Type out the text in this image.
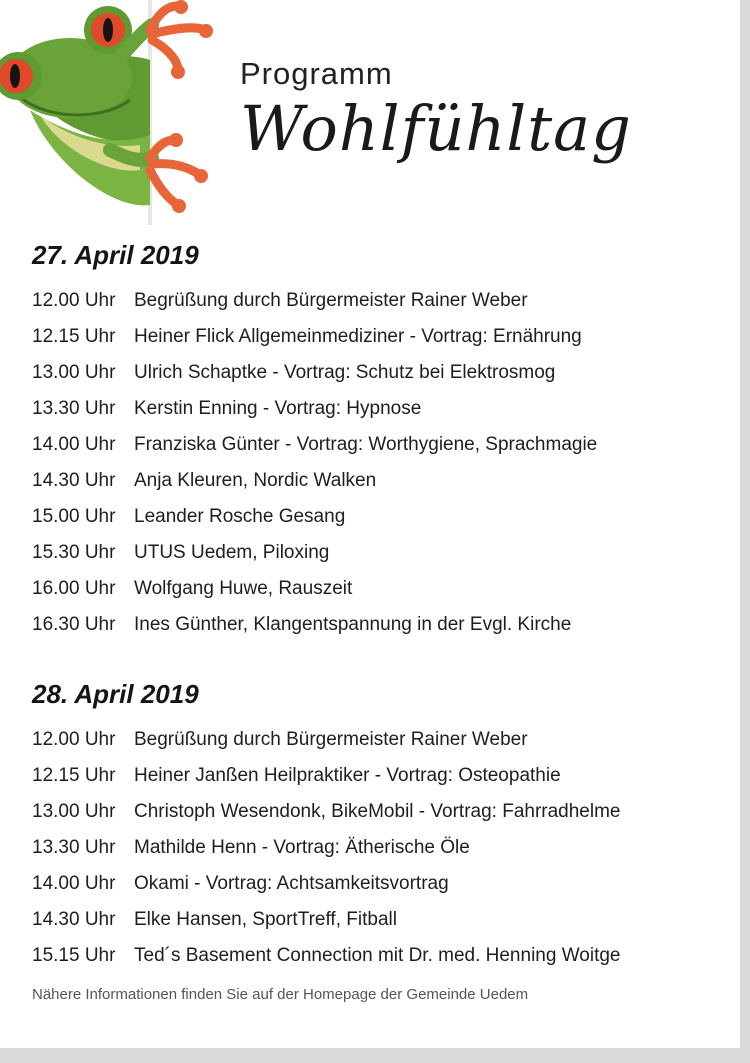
Programm
Wohlfühltag
27. April 2019
12.00 Uhr Begrüßung durch Bürgermeister Rainer Weber
12.15 Uhr Heiner Flick Allgemeinmediziner - Vortrag: Ernährung
13.00 Uhr Ulrich Schaptke - Vortrag: Schutz bei Elektrosmog
13.30 Uhr Kerstin Enning - Vortrag: Hypnose
14.00 Uhr Franziska Günter - Vortrag: Worthygiene, Sprachmagie
14.30 Uhr Anja Kleuren, Nordic Walken
15.00 Uhr Leander Rosche Gesang
15.30 Uhr UTUS Uedem, Piloxing
16.00 Uhr Wolfgang Huwe, Rauszeit
16.30 Uhr Ines Günther, Klangentspannung in der Evgl. Kirche
28. April 2019
12.00 Uhr Begrüßung durch Bürgermeister Rainer Weber
12.15 Uhr Heiner Janßen Heilpraktiker - Vortrag: Osteopathie
13.00 Uhr Christoph Wesendonk, BikeMobil - Vortrag: Fahrradhelme
13.30 Uhr Mathilde Henn - Vortrag: Ätherische Öle
14.00 Uhr Okami - Vortrag: Achtsamkeitsvortrag
14.30 Uhr Elke Hansen, SportTreff, Fitball
15.15 Uhr Ted´s Basement Connection mit Dr. med. Henning Woitge
Nähere Informationen finden Sie auf der Homepage der Gemeinde Uedem
